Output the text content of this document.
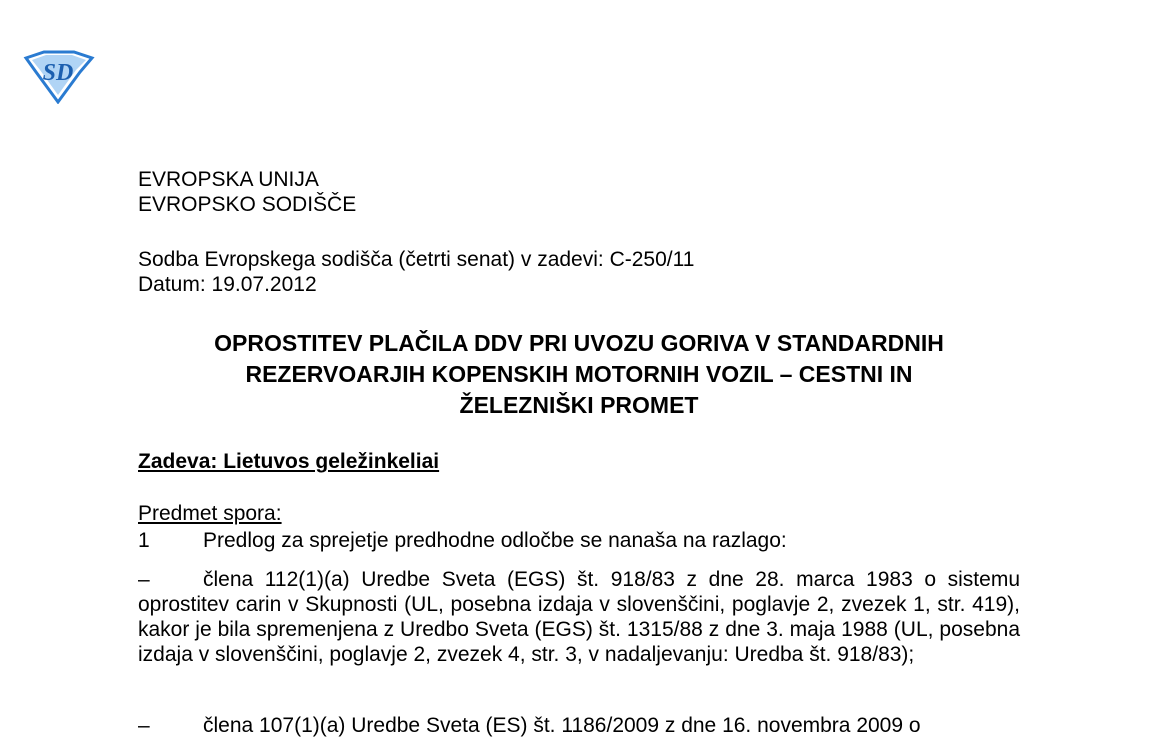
SD
EVROPSKA UNIJA
EVROPSKO SODIŠČE
Sodba Evropskega sodišča (četrti senat) v zadevi: C-250/11
Datum: 19.07.2012
OPROSTITEV PLAČILA DDV PRI UVOZU GORIVA V STANDARDNIH
REZERVOARJIH KOPENSKIH MOTORNIH VOZIL – CESTNI IN
ŽELEZNIŠKI PROMET
Zadeva: Lietuvos geležinkeliai
Predmet spora:
1	Predlog za sprejetje predhodne odločbe se nanaša na razlago:
–	člena 112(1)(a) Uredbe Sveta (EGS) št. 918/83 z dne 28. marca 1983 o sistemu oprostitev carin v Skupnosti (UL, posebna izdaja v slovenščini, poglavje 2, zvezek 1, str. 419), kakor je bila spremenjena z Uredbo Sveta (EGS) št. 1315/88 z dne 3. maja 1988 (UL, posebna izdaja v slovenščini, poglavje 2, zvezek 4, str. 3, v nadaljevanju: Uredba št. 918/83);
–	člena 107(1)(a) Uredbe Sveta (ES) št. 1186/2009 z dne 16. novembra 2009 o
